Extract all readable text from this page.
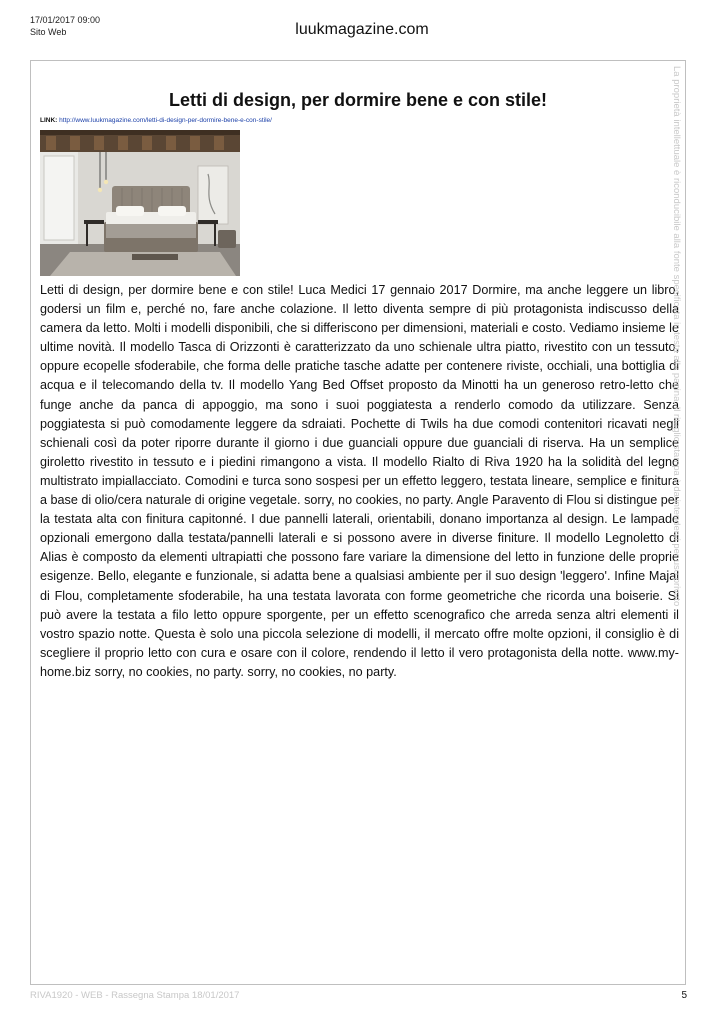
17/01/2017 09:00
Sito Web	luukmagazine.com
Letti di design, per dormire bene e con stile!
LINK: http://www.luukmagazine.com/letti-di-design-per-dormire-bene-e-con-stile/
Letti di design, per dormire bene e con stile! Luca Medici 17 gennaio 2017 Dormire, ma anche leggere un libro, godersi un film e, perché no, fare anche colazione. Il letto diventa sempre di più protagonista indiscusso della camera da letto. Molti i modelli disponibili, che si differiscono per dimensioni, materiali e costo. Vediamo insieme le ultime novità. Il modello Tasca di Orizzonti è caratterizzato da uno schienale ultra piatto, rivestito con un tessuto, oppure ecopelle sfoderabile, che forma delle pratiche tasche adatte per contenere riviste, occhiali, una bottiglia di acqua e il telecomando della tv. Il modello Yang Bed Offset proposto da Minotti ha un generoso retro-letto che funge anche da panca di appoggio, ma sono i suoi poggiatesta a renderlo comodo da utilizzare. Senza poggiatesta si può comodamente leggere da sdraiati. Pochette di Twils ha due comodi contenitori ricavati negli schienali così da poter riporre durante il giorno i due guanciali oppure due guanciali di riserva. Ha un semplice giroletto rivestito in tessuto e i piedini rimangono a vista. Il modello Rialto di Riva 1920 ha la solidità del legno multistrato impiallacciato. Comodini e turca sono sospesi per un effetto leggero, testata lineare, semplice e finitura a base di olio/cera naturale di origine vegetale. sorry, no cookies, no party. Angle Paravento di Flou si distingue per la testata alta con finitura capitonné. I due pannelli laterali, orientabili, donano importanza al design. Le lampade opzionali emergono dalla testata/pannelli laterali e si possono avere in diverse finiture. Il modello Legnoletto di Alias è composto da elementi ultrapiatti che possono fare variare la dimensione del letto in funzione delle proprie esigenze. Bello, elegante e funzionale, si adatta bene a qualsiasi ambiente per il suo design 'leggero'. Infine Majal di Flou, completamente sfoderabile, ha una testata lavorata con forme geometriche che ricorda una boiserie. Si può avere la testata a filo letto oppure sporgente, per un effetto scenografico che arreda senza altri elementi il vostro spazio notte. Questa è solo una piccola selezione di modelli, il mercato offre molte opzioni, il consiglio è di scegliere il proprio letto con cura e osare con il colore, rendendo il letto il vero protagonista della notte. www.my-home.biz sorry, no cookies, no party. sorry, no cookies, no party.
La proprietà intellettuale è riconducibile alla fonte specificata in testa alla pagina. Il ritaglio stampa è da intendersi per uso privato
RIVA1920 - WEB - Rassegna Stampa 18/01/2017	5
